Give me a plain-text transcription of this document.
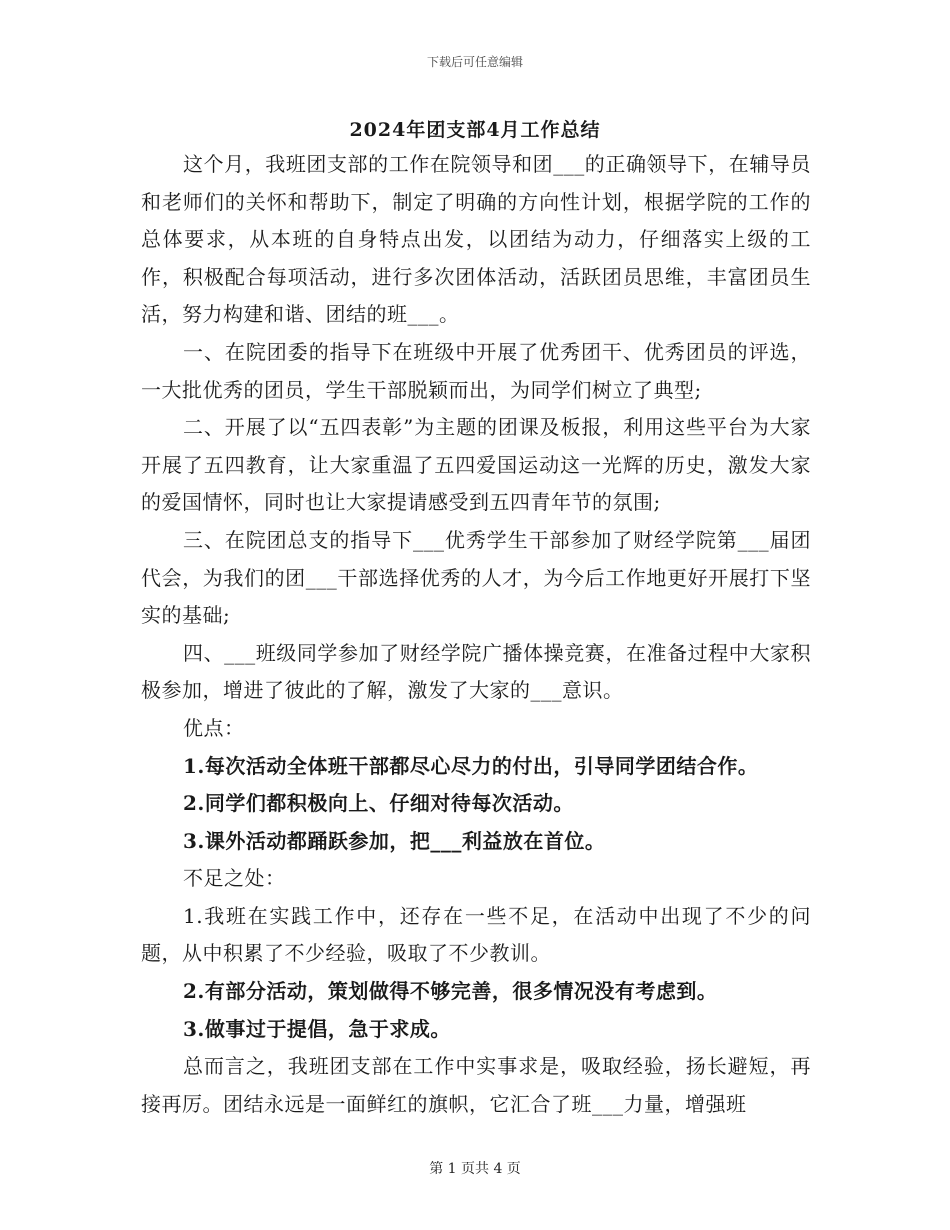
下载后可任意编辑
2024年团支部4月工作总结

这个月，我班团支部的工作在院领导和团___的正确领导下，在辅导员和老师们的关怀和帮助下，制定了明确的方向性计划，根据学院的工作的总体要求，从本班的自身特点出发，以团结为动力，仔细落实上级的工作，积极配合每项活动，进行多次团体活动，活跃团员思维，丰富团员生活，努力构建和谐、团结的班___。

一、在院团委的指导下在班级中开展了优秀团干、优秀团员的评选，一大批优秀的团员，学生干部脱颖而出，为同学们树立了典型;

二、开展了以“五四表彰”为主题的团课及板报，利用这些平台为大家开展了五四教育，让大家重温了五四爱国运动这一光辉的历史，激发大家的爱国情怀，同时也让大家提请感受到五四青年节的氛围;

三、在院团总支的指导下___优秀学生干部参加了财经学院第___届团代会，为我们的团___干部选择优秀的人才，为今后工作地更好开展打下坚实的基础;

四、___班级同学参加了财经学院广播体操竞赛，在准备过程中大家积极参加，增进了彼此的了解，激发了大家的___意识。

优点：

1.每次活动全体班干部都尽心尽力的付出，引导同学团结合作。

2.同学们都积极向上、仔细对待每次活动。

3.课外活动都踊跃参加，把___利益放在首位。

不足之处：

1.我班在实践工作中，还存在一些不足，在活动中出现了不少的问题，从中积累了不少经验，吸取了不少教训。

2.有部分活动，策划做得不够完善，很多情况没有考虑到。

3.做事过于提倡，急于求成。

总而言之，我班团支部在工作中实事求是，吸取经验，扬长避短，再接再厉。团结永远是一面鲜红的旗帜，它汇合了班___力量，增强班

第 1 页共 4 页
